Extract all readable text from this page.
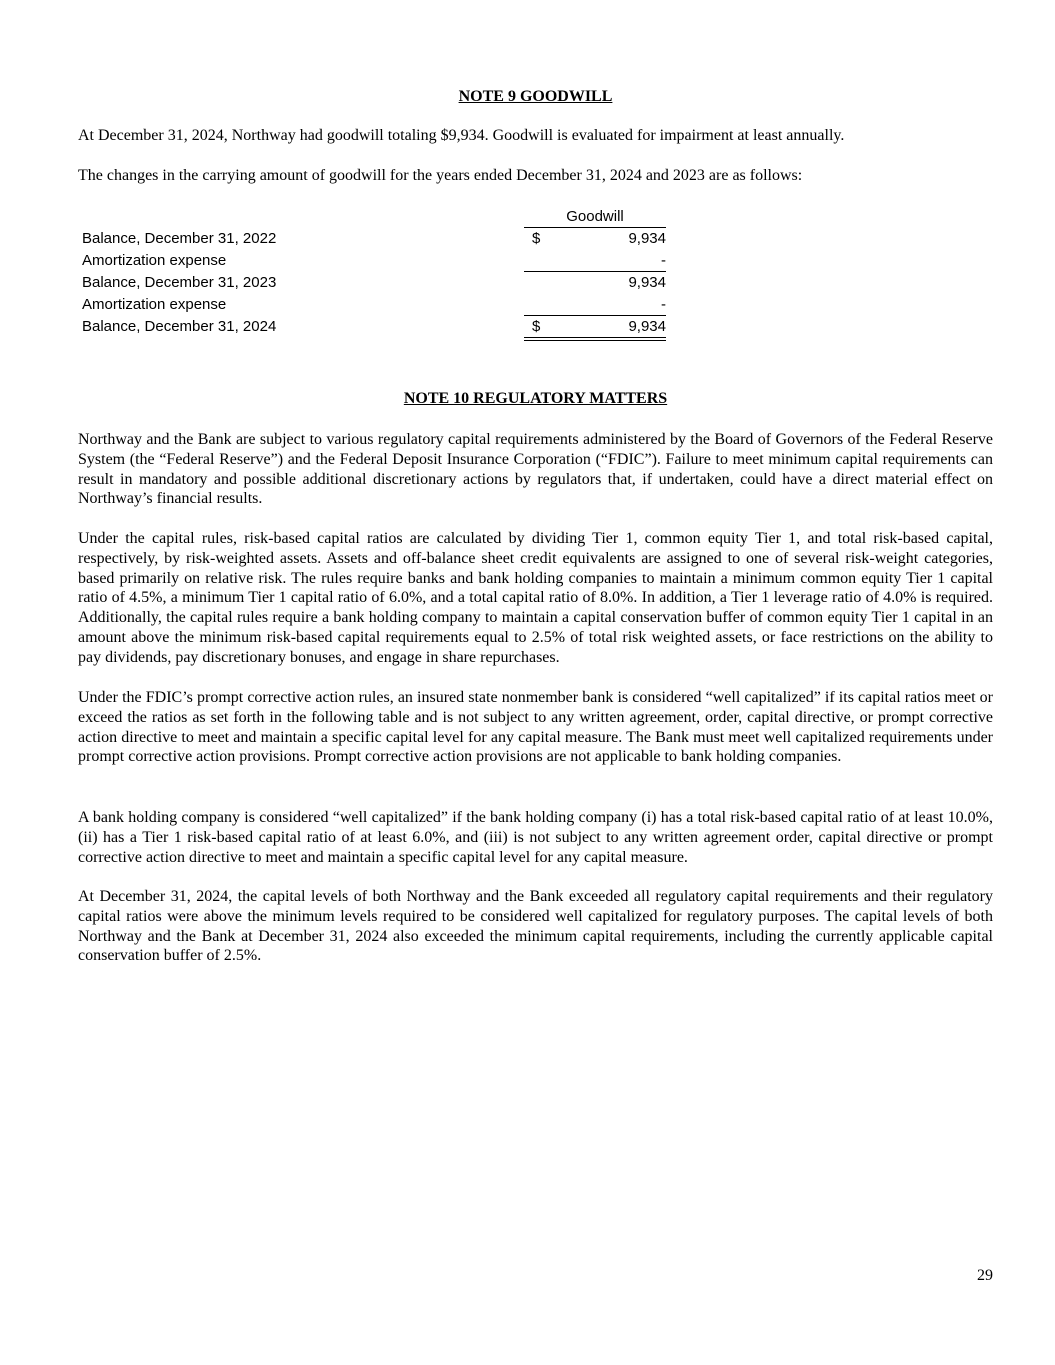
NOTE 9 GOODWILL

At December 31, 2024, Northway had goodwill totaling $9,934. Goodwill is evaluated for impairment at least annually.

The changes in the carrying amount of goodwill for the years ended December 31, 2024 and 2023 are as follows:

Goodwill
Balance, December 31, 2022	$	9,934
Amortization expense	-
Balance, December 31, 2023	9,934
Amortization expense	-
Balance, December 31, 2024	$	9,934
NOTE 10 REGULATORY MATTERS

Northway and the Bank are subject to various regulatory capital requirements administered by the Board of Governors of the Federal Reserve System (the “Federal Reserve”) and the Federal Deposit Insurance Corporation (“FDIC”). Failure to meet minimum capital requirements can result in mandatory and possible additional discretionary actions by regulators that, if undertaken, could have a direct material effect on Northway’s financial results.

Under the capital rules, risk-based capital ratios are calculated by dividing Tier 1, common equity Tier 1, and total risk-based capital, respectively, by risk-weighted assets. Assets and off-balance sheet credit equivalents are assigned to one of several risk-weight categories, based primarily on relative risk. The rules require banks and bank holding companies to maintain a minimum common equity Tier 1 capital ratio of 4.5%, a minimum Tier 1 capital ratio of 6.0%, and a total capital ratio of 8.0%. In addition, a Tier 1 leverage ratio of 4.0% is required. Additionally, the capital rules require a bank holding company to maintain a capital conservation buffer of common equity Tier 1 capital in an amount above the minimum risk-based capital requirements equal to 2.5% of total risk weighted assets, or face restrictions on the ability to pay dividends, pay discretionary bonuses, and engage in share repurchases.

Under the FDIC’s prompt corrective action rules, an insured state nonmember bank is considered “well capitalized” if its capital ratios meet or exceed the ratios as set forth in the following table and is not subject to any written agreement, order, capital directive, or prompt corrective action directive to meet and maintain a specific capital level for any capital measure. The Bank must meet well capitalized requirements under prompt corrective action provisions. Prompt corrective action provisions are not applicable to bank holding companies.

A bank holding company is considered “well capitalized” if the bank holding company (i) has a total risk-based capital ratio of at least 10.0%, (ii) has a Tier 1 risk-based capital ratio of at least 6.0%, and (iii) is not subject to any written agreement order, capital directive or prompt corrective action directive to meet and maintain a specific capital level for any capital measure.

At December 31, 2024, the capital levels of both Northway and the Bank exceeded all regulatory capital requirements and their regulatory capital ratios were above the minimum levels required to be considered well capitalized for regulatory purposes. The capital levels of both Northway and the Bank at December 31, 2024 also exceeded the minimum capital requirements, including the currently applicable capital conservation buffer of 2.5%.

29
